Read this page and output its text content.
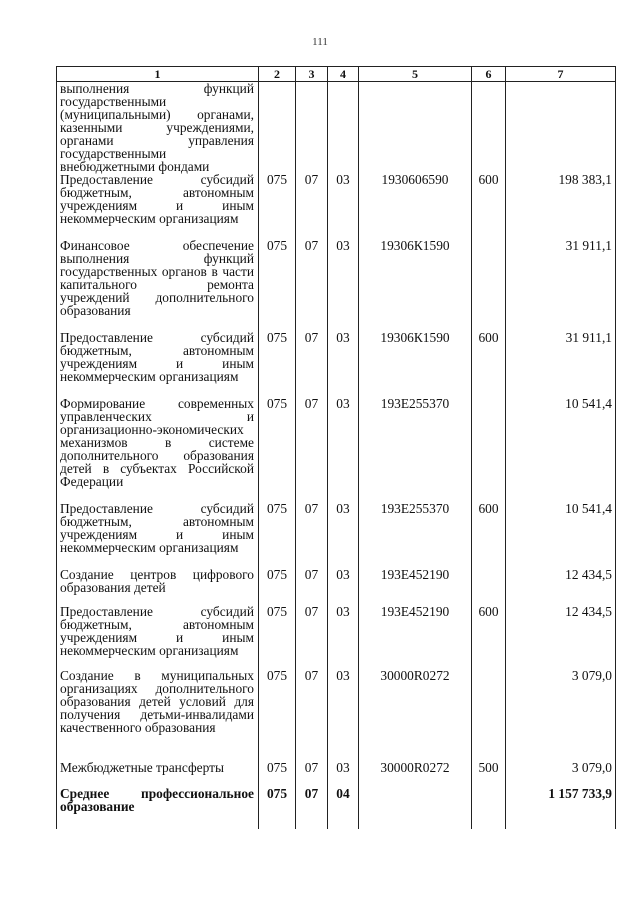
111
1	2	3	4	5	6	7
выполнения функций государственными (муниципальными) органами, казенными учреждениями, органами управления государственными внебюджетными фондами						
Предоставление субсидий бюджетным, автономным учреждениям и иным некоммерческим организациям	075	07	03	1930606590	600	198 383,1
Финансовое обеспечение выполнения функций государственных органов в части капитального ремонта учреждений дополнительного образования	075	07	03	19306К1590		31 911,1
Предоставление субсидий бюджетным, автономным учреждениям и иным некоммерческим организациям	075	07	03	19306К1590	600	31 911,1
Формирование современных управленческих и организационно-экономических механизмов в системе дополнительного образования детей в субъектах Российской Федерации	075	07	03	193Е255370		10 541,4
Предоставление субсидий бюджетным, автономным учреждениям и иным некоммерческим организациям	075	07	03	193Е255370	600	10 541,4
Создание центров цифрового образования детей	075	07	03	193Е452190		12 434,5
Предоставление субсидий бюджетным, автономным учреждениям и иным некоммерческим организациям	075	07	03	193Е452190	600	12 434,5
Создание в муниципальных организациях дополнительного образования детей условий для получения детьми-инвалидами качественного образования	075	07	03	30000R0272		3 079,0
Межбюджетные трансферты	075	07	03	30000R0272	500	3 079,0
Среднее профессиональное образование	075	07	04			1 157 733,9
